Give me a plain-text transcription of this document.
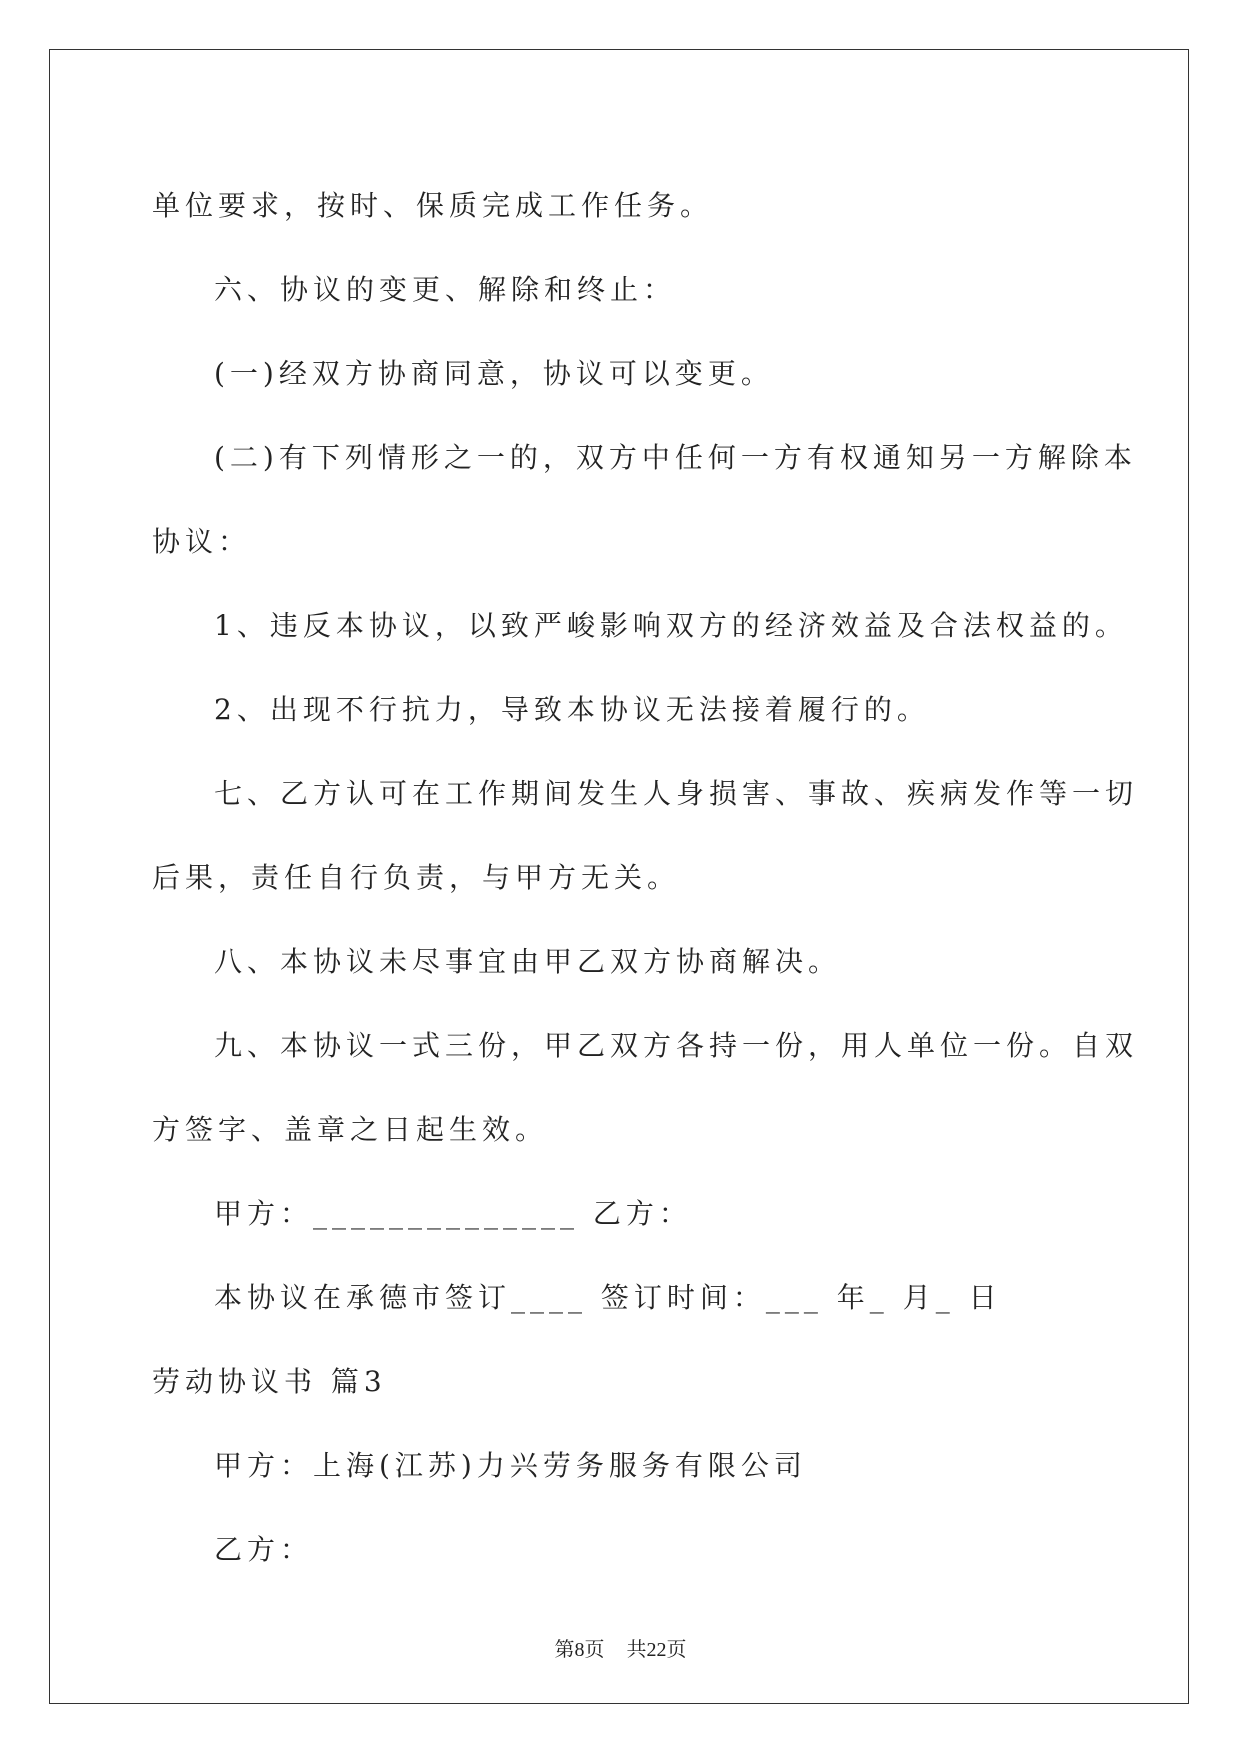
单位要求，按时、保质完成工作任务。
六、协议的变更、解除和终止：
(一)经双方协商同意，协议可以变更。
(二)有下列情形之一的，双方中任何一方有权通知另一方解除本
协议：
1、违反本协议，以致严峻影响双方的经济效益及合法权益的。
2、出现不行抗力，导致本协议无法接着履行的。
七、乙方认可在工作期间发生人身损害、事故、疾病发作等一切
后果，责任自行负责，与甲方无关。
八、本协议未尽事宜由甲乙双方协商解决。
九、本协议一式三份，甲乙双方各持一份，用人单位一份。自双
方签字、盖章之日起生效。
甲方：______________ 乙方：
本协议在承德市签订____ 签订时间：___ 年_ 月_ 日
劳动协议书 篇3
甲方：上海(江苏)力兴劳务服务有限公司
乙方：
第8页 共22页
